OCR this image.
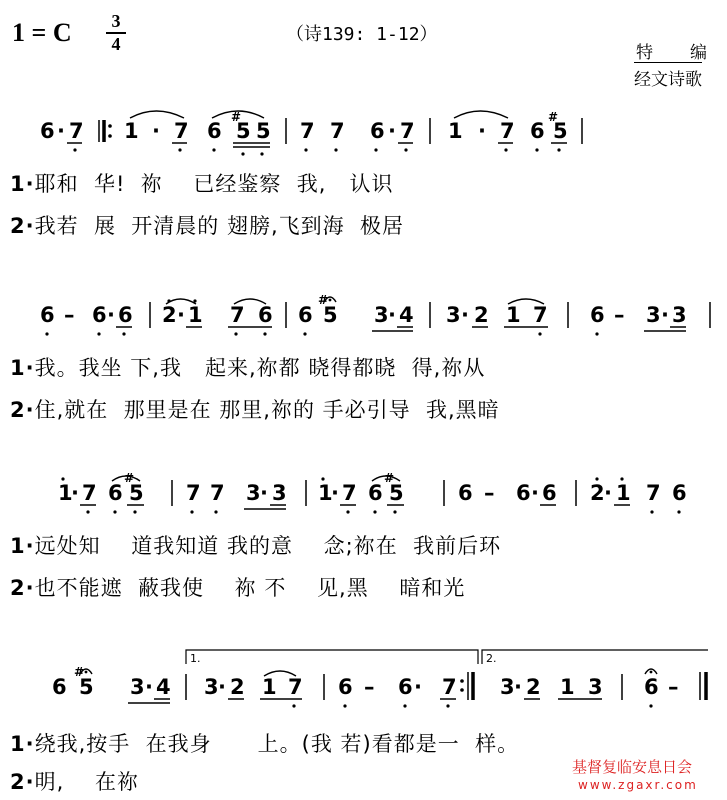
1 = C	3
4	（诗139: 1-12）
特 编
经文诗歌
6 · 7 1 · 7 6
#
5 5 7 7 6 · 7 1 · 7 6
#
5
6 – 6 · 6 2 · 1 7 6 6
#
5 3 · 4 3 · 2 1 7 6 – 3 · 3
1
· 7 6
#
5 7 7 3 · 3 1
· 7 6
#
5	6 – 6 · 6 2 · 1 7 6
6
#
5 3 · 4 3 · 2 1 7 6 – 6 · 7 3 · 2 1 3 6 –
1.	2.
1·耶和  华!  祢    已经鉴察  我,   认识
2·我若  展  开清晨的 翅膀,飞到海  极居
1·我。我坐 下,我   起来,祢都 晓得都晓  得,祢从
2·住,就在  那里是在 那里,祢的 手必引导  我,黑暗
1·远处知    道我知道 我的意    念;祢在  我前后环
2·也不能遮  蔽我使    祢 不    见,黑    暗和光
1·绕我,按手  在我身      上。(我 若)看都是一  样。
2·明,    在祢
基督复临安息日会
www.zgaxr.com
